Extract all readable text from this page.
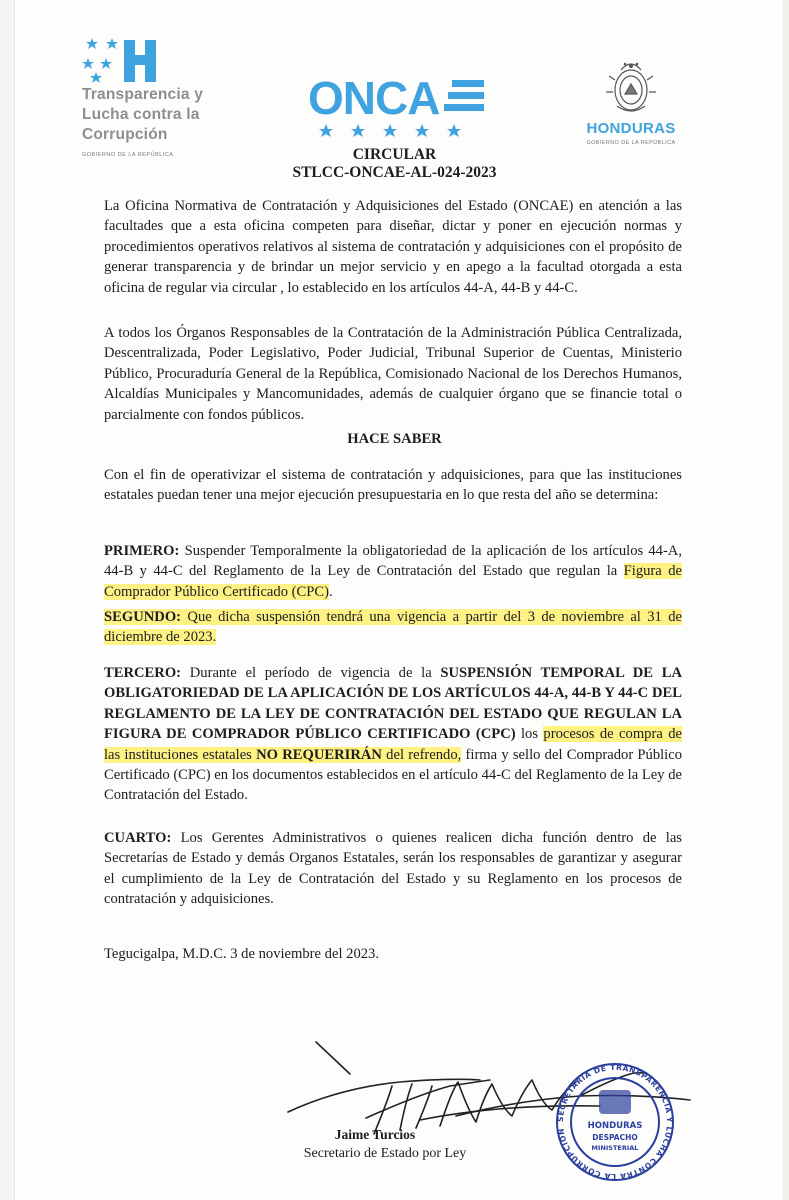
Transparencia y
Lucha contra la
Corrupción
GOBIERNO DE LA REPÚBLICA
ONCA
HONDURAS
GOBIERNO DE LA REPÚBLICA
CIRCULAR
STLCC-ONCAE-AL-024-2023

La Oficina Normativa de Contratación y Adquisiciones del Estado (ONCAE) en atención a las facultades que a esta oficina competen para diseñar, dictar y poner en ejecución normas y procedimientos operativos relativos al sistema de contratación y adquisiciones con el propósito de generar transparencia y de brindar un mejor servicio y en apego a la facultad otorgada a esta oficina de regular via circular , lo establecido en los artículos 44-A, 44-B y 44-C.

A todos los Órganos Responsables de la Contratación de la Administración Pública Centralizada, Descentralizada, Poder Legislativo, Poder Judicial, Tribunal Superior de Cuentas, Ministerio Público, Procuraduría General de la República, Comisionado Nacional de los Derechos Humanos, Alcaldías Municipales y Mancomunidades, además de cualquier órgano que se financie total o parcialmente con fondos públicos.

HACE SABER

Con el fin de operativizar el sistema de contratación y adquisiciones, para que las instituciones estatales puedan tener una mejor ejecución presupuestaria en lo que resta del año se determina:

PRIMERO: Suspender Temporalmente la obligatoriedad de la aplicación de los artículos 44-A, 44-B y 44-C del Reglamento de la Ley de Contratación del Estado que regulan la Figura de Comprador Público Certificado (CPC).

SEGUNDO: Que dicha suspensión tendrá una vigencia a partir del 3 de noviembre al 31 de diciembre de 2023.

TERCERO: Durante el período de vigencia de la SUSPENSIÓN TEMPORAL DE LA OBLIGATORIEDAD DE LA APLICACIÓN DE LOS ARTÍCULOS 44-A, 44-B Y 44-C DEL REGLAMENTO DE LA LEY DE CONTRATACIÓN DEL ESTADO QUE REGULAN LA FIGURA DE COMPRADOR PÚBLICO CERTIFICADO (CPC) los procesos de compra de las instituciones estatales NO REQUERIRÁN del refrendo, firma y sello del Comprador Público Certificado (CPC) en los documentos establecidos en el artículo 44-C del Reglamento de la Ley de Contratación del Estado.

CUARTO: Los Gerentes Administrativos o quienes realicen dicha función dentro de las Secretarías de Estado y demás Organos Estatales, serán los responsables de garantizar y asegurar el cumplimiento de la Ley de Contratación del Estado y su Reglamento en los procesos de contratación y adquisiciones.

Tegucigalpa, M.D.C. 3 de noviembre del 2023.
SECRETARÍA DE TRANSPARENCIA Y LUCHA CONTRA LA CORRUPCIÓN
HONDURAS
DESPACHO
MINISTERIAL
Jaime Turcios
Secretario de Estado por Ley
